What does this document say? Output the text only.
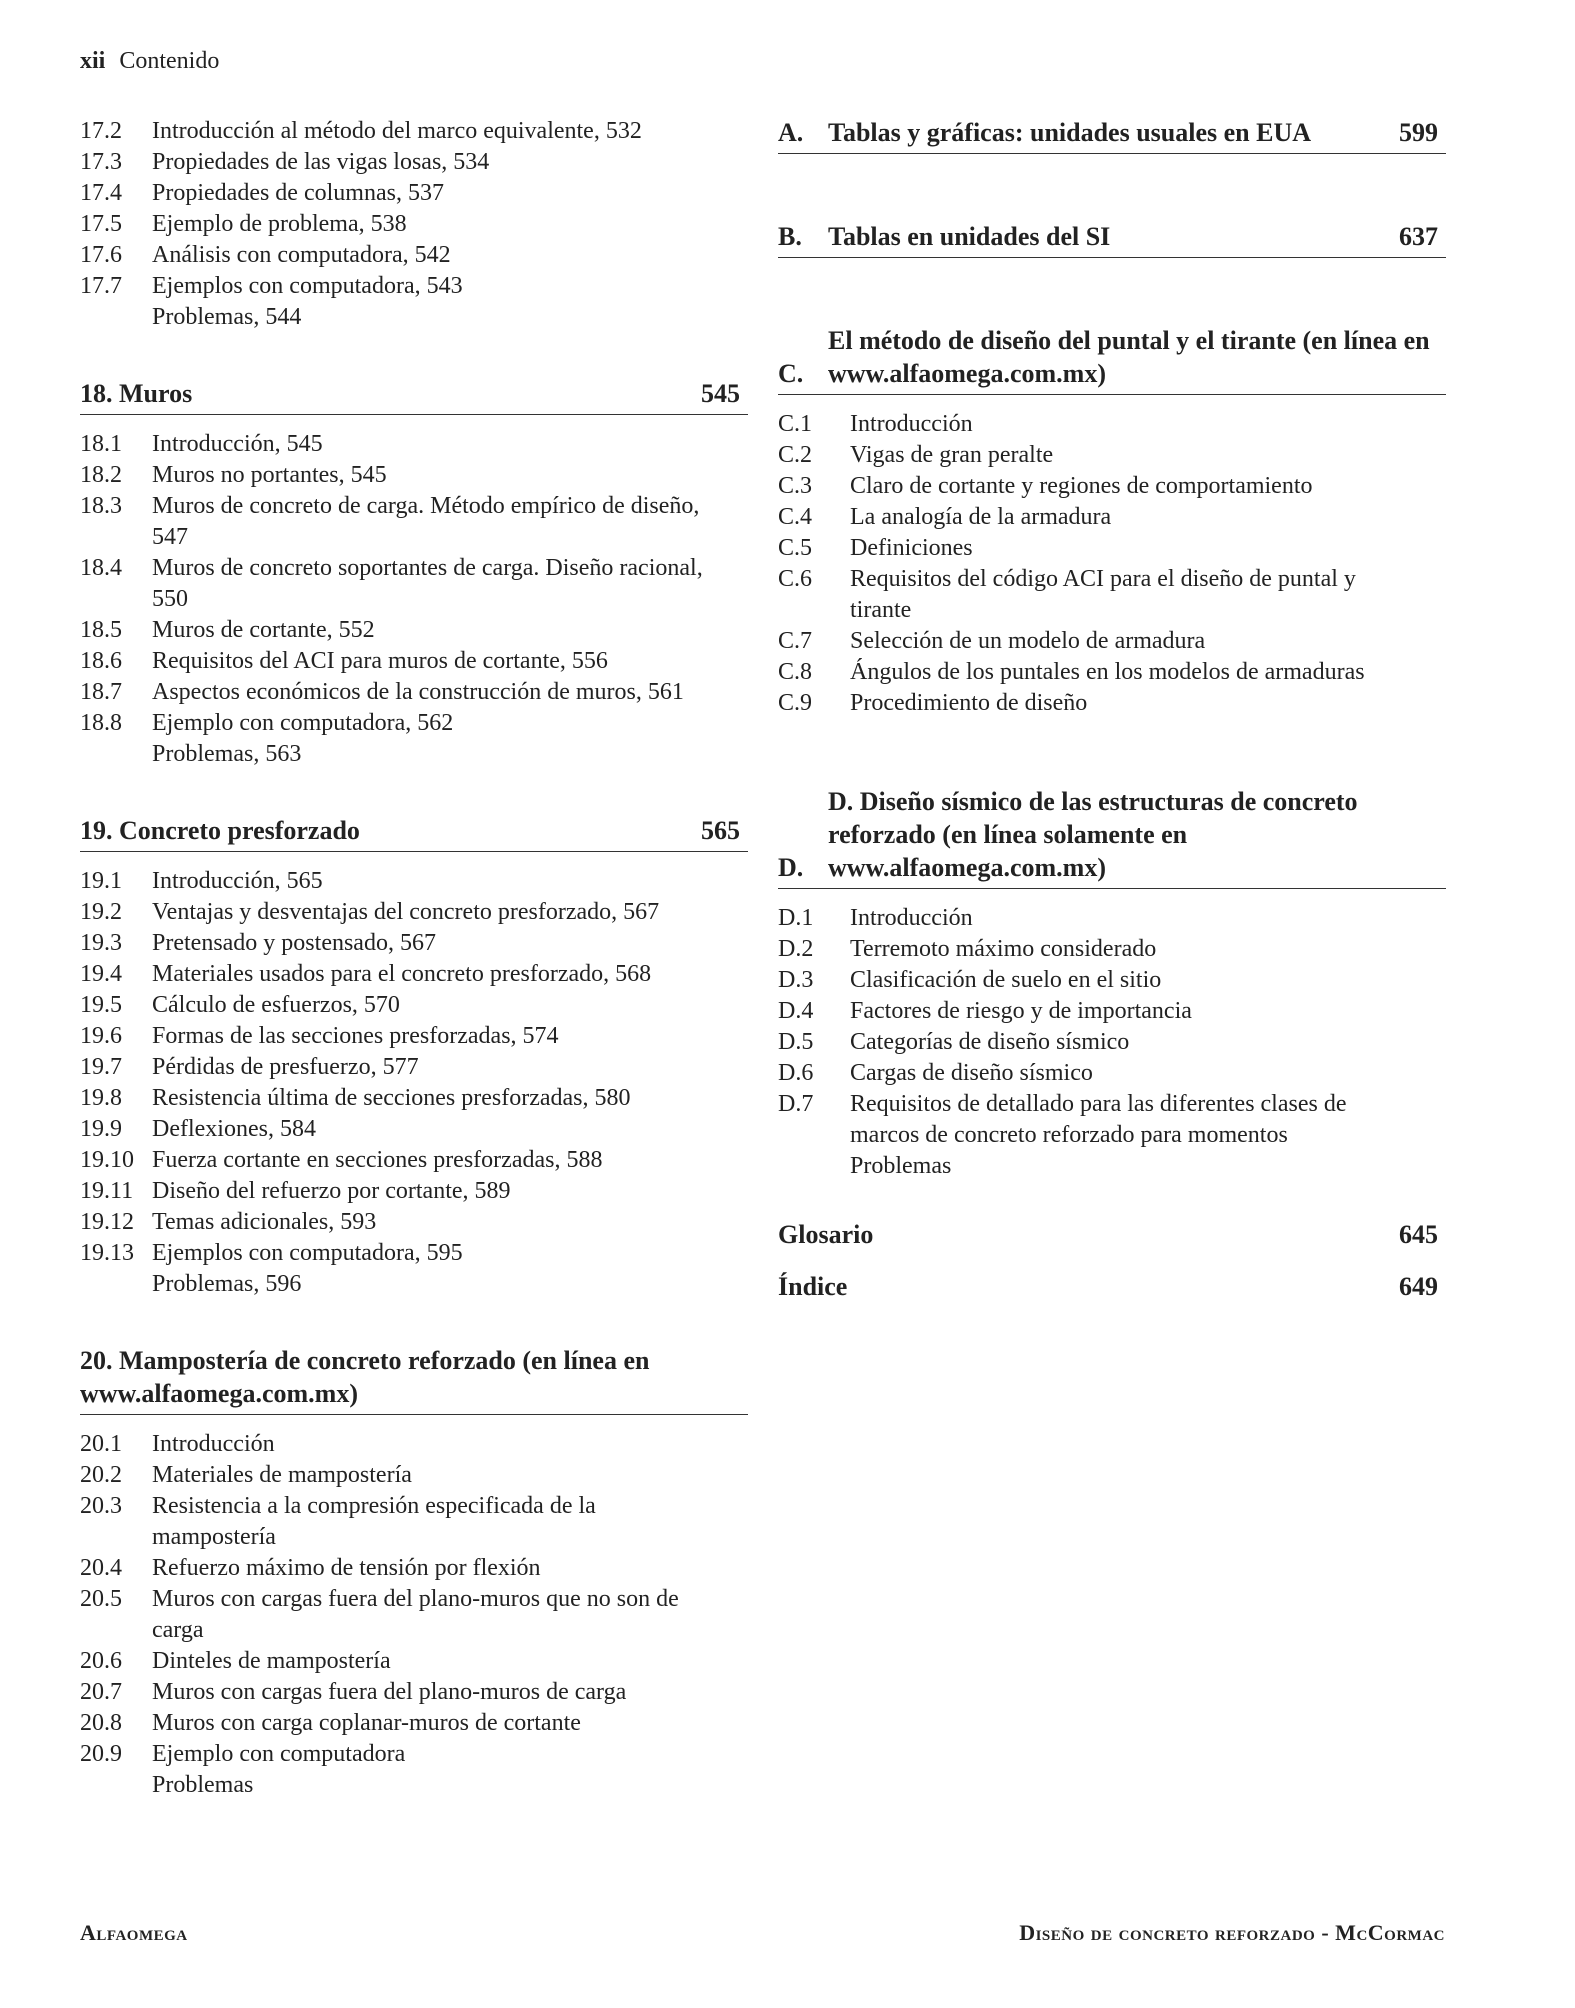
xii Contenido
17.2	Introducción al método del marco equivalente, 532
17.3	Propiedades de las vigas losas, 534
17.4	Propiedades de columnas, 537
17.5	Ejemplo de problema, 538
17.6	Análisis con computadora, 542
17.7	Ejemplos con computadora, 543
Problemas, 544
18. Muros	545
18.1	Introducción, 545
18.2	Muros no portantes, 545
18.3	Muros de concreto de carga. Método empírico de diseño,
547
18.4	Muros de concreto soportantes de carga. Diseño racional,
550
18.5	Muros de cortante, 552
18.6	Requisitos del ACI para muros de cortante, 556
18.7	Aspectos económicos de la construcción de muros, 561
18.8	Ejemplo con computadora, 562
Problemas, 563
19. Concreto presforzado	565
19.1	Introducción, 565
19.2	Ventajas y desventajas del concreto presforzado, 567
19.3	Pretensado y postensado, 567
19.4	Materiales usados para el concreto presforzado, 568
19.5	Cálculo de esfuerzos, 570
19.6	Formas de las secciones presforzadas, 574
19.7	Pérdidas de presfuerzo, 577
19.8	Resistencia última de secciones presforzadas, 580
19.9	Deflexiones, 584
19.10 Fuerza cortante en secciones presforzadas, 588
19.11 Diseño del refuerzo por cortante, 589
19.12 Temas adicionales, 593
19.13 Ejemplos con computadora, 595
Problemas, 596
20. Mampostería de concreto reforzado (en línea en www.alfaomega.com.mx)
20.1	Introducción
20.2	Materiales de mampostería
20.3	Resistencia a la compresión especificada de la
mampostería
20.4	Refuerzo máximo de tensión por flexión
20.5	Muros con cargas fuera del plano-muros que no son de
carga
20.6	Dinteles de mampostería
20.7	Muros con cargas fuera del plano-muros de carga
20.8	Muros con carga coplanar-muros de cortante
20.9	Ejemplo con computadora
Problemas
A. Tablas y gráficas: unidades usuales en EUA	599
B.	Tablas en unidades del SI	637
C.
El método de diseño del puntal y el tirante (en línea en www.alfaomega.com.mx)
C.1	Introducción
C.2	Vigas de gran peralte
C.3	Claro de cortante y regiones de comportamiento
C.4	La analogía de la armadura
C.5	Definiciones
C.6	Requisitos del código ACI para el diseño de puntal y
tirante
C.7	Selección de un modelo de armadura
C.8	Ángulos de los puntales en los modelos de armaduras
C.9	Procedimiento de diseño
D.
D. Diseño sísmico de las estructuras de concreto reforzado (en línea solamente en www.alfaomega.com.mx)
D.1	Introducción
D.2	Terremoto máximo considerado
D.3	Clasificación de suelo en el sitio
D.4	Factores de riesgo y de importancia
D.5	Categorías de diseño sísmico
D.6	Cargas de diseño sísmico
D.7	Requisitos de detallado para las diferentes clases de
marcos de concreto reforzado para momentos
Problemas
Glosario	645
Índice	649
Alfaomega	Diseño de concreto reforzado - McCormac
